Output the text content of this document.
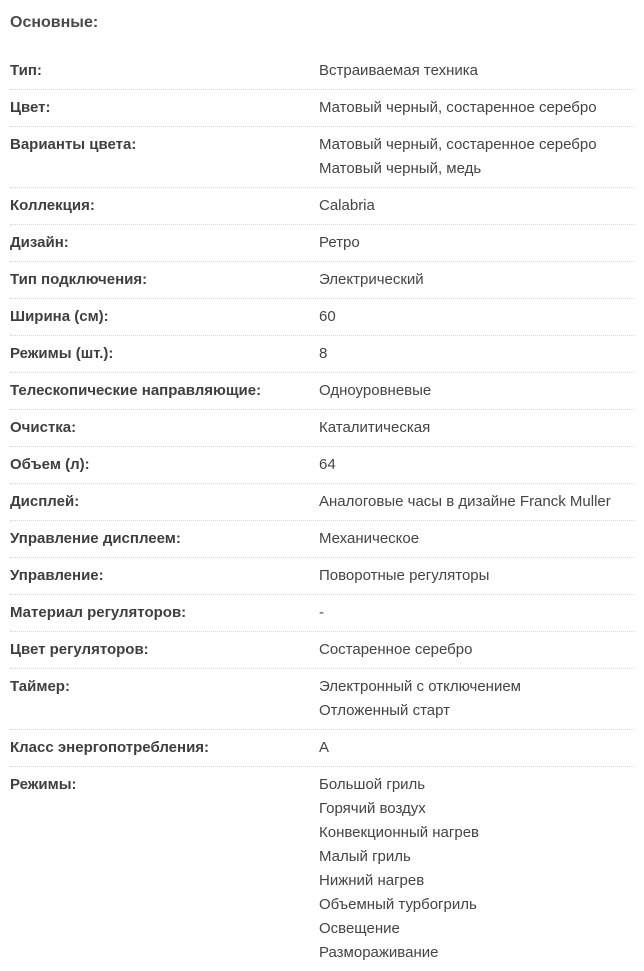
Основные:
Тип:	Встраиваемая техника
Цвет:	Матовый черный, состаренное серебро
Варианты цвета:	Матовый черный, состаренное серебро
Матовый черный, медь
Коллекция:	Calabria
Дизайн:	Ретро
Тип подключения:	Электрический
Ширина (см):	60
Режимы (шт.):	8
Телескопические направляющие:	Одноуровневые
Очистка:	Каталитическая
Объем (л):	64
Дисплей:	Аналоговые часы в дизайне Franck Muller
Управление дисплеем:	Механическое
Управление:	Поворотные регуляторы
Материал регуляторов:	-
Цвет регуляторов:	Состаренное серебро
Таймер:	Электронный с отключением
Отложенный старт
Класс энергопотребления:	A
Режимы:	Большой гриль
Горячий воздух
Конвекционный нагрев
Малый гриль
Нижний нагрев
Объемный турбогриль
Освещение
Размораживание
